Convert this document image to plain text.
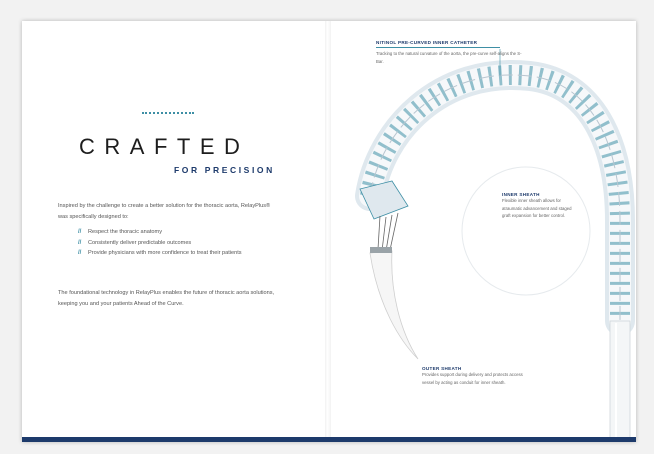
CRAFTED
FOR PRECISION
Inspired by the challenge to create a better solution for the thoracic aorta, RelayPlus® was specifically designed to:
// Respect the thoracic anatomy
// Consistently deliver predictable outcomes
// Provide physicians with more confidence to treat their patients
The foundational technology in RelayPlus enables the future of thoracic aorta solutions, keeping you and your patients Ahead of the Curve.
NITINOL PRE-CURVED INNER CATHETER
Tracking to the natural curvature of the aorta, the pre-curve self-aligns the S-Bar.
INNER SHEATH
Flexible inner sheath allows for atraumatic advancement and staged graft expansion for better control.
OUTER SHEATH
Provides support during delivery and protects access vessel by acting as conduit for inner sheath.
